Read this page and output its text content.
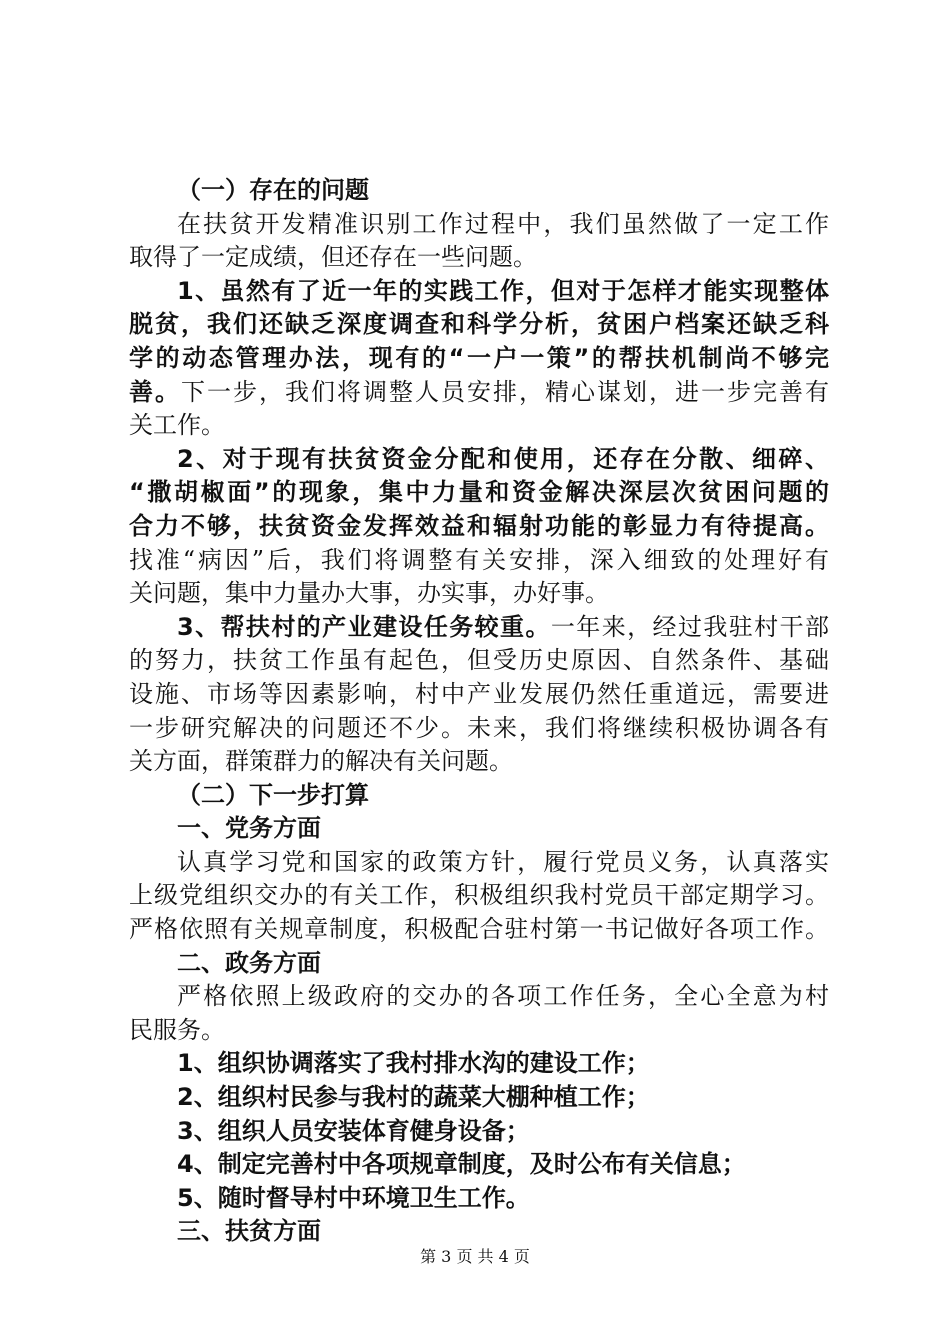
（一）存在的问题
在扶贫开发精准识别工作过程中，我们虽然做了一定工作
取得了一定成绩，但还存在一些问题。
1、虽然有了近一年的实践工作，但对于怎样才能实现整体
脱贫，我们还缺乏深度调查和科学分析，贫困户档案还缺乏科
学的动态管理办法，现有的“一户一策”的帮扶机制尚不够完
善。下一步，我们将调整人员安排，精心谋划，进一步完善有
关工作。
2、对于现有扶贫资金分配和使用，还存在分散、细碎、
“撒胡椒面”的现象，集中力量和资金解决深层次贫困问题的
合力不够，扶贫资金发挥效益和辐射功能的彰显力有待提高。
找准“病因”后，我们将调整有关安排，深入细致的处理好有
关问题，集中力量办大事，办实事，办好事。
3、帮扶村的产业建设任务较重。一年来，经过我驻村干部
的努力，扶贫工作虽有起色，但受历史原因、自然条件、基础
设施、市场等因素影响，村中产业发展仍然任重道远，需要进
一步研究解决的问题还不少。未来，我们将继续积极协调各有
关方面，群策群力的解决有关问题。
（二）下一步打算
一、党务方面
认真学习党和国家的政策方针，履行党员义务，认真落实
上级党组织交办的有关工作，积极组织我村党员干部定期学习。
严格依照有关规章制度，积极配合驻村第一书记做好各项工作。
二、政务方面
严格依照上级政府的交办的各项工作任务，全心全意为村
民服务。
1、组织协调落实了我村排水沟的建设工作；
2、组织村民参与我村的蔬菜大棚种植工作；
3、组织人员安装体育健身设备；
4、制定完善村中各项规章制度，及时公布有关信息；
5、随时督导村中环境卫生工作。
三、扶贫方面
第 3 页 共 4 页
